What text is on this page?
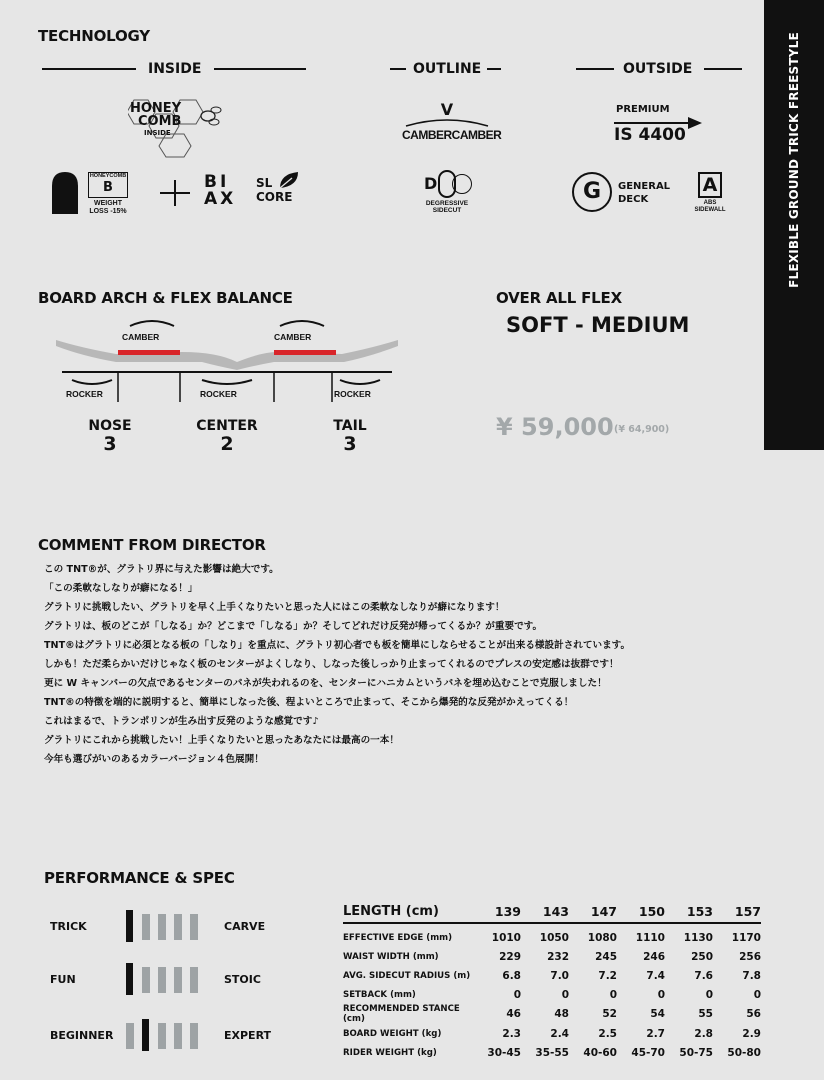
FLEXIBLE GROUND TRICK FREESTYLE
TECHNOLOGY
INSIDE	OUTLINE	OUTSIDE
HONEY
COMB
INSIDE
HONEYCOMB
B
WEIGHT LOSS -15%
BI
AX
SL
CORE
V
CAMBERCAMBER
D
DEGRESSIVE SIDECUT
PREMIUM
IS 4400
G	GENERAL
DECK
A
ABS SIDEWALL
BOARD ARCH & FLEX BALANCE
CAMBER	CAMBER
ROCKER	ROCKER	ROCKER
NOSE
3
CENTER
2
TAIL
3
OVER ALL FLEX
SOFT - MEDIUM
¥ 59,000 (¥ 64,900)
COMMENT FROM DIRECTOR

この TNT®が、グラトリ界に与えた影響は絶大です。

「この柔軟なしなりが癖になる！」

グラトリに挑戦したい、グラトリを早く上手くなりたいと思った人にはこの柔軟なしなりが癖になります！

グラトリは、板のどこが「しなる」か？どこまで「しなる」か？そしてどれだけ反発が帰ってくるか？が重要です。

TNT®はグラトリに必須となる板の「しなり」を重点に、グラトリ初心者でも板を簡単にしならせることが出来る様設計されています。

しかも！ただ柔らかいだけじゃなく板のセンターがよくしなり、しなった後しっかり止まってくれるのでプレスの安定感は抜群です！

更に W キャンバーの欠点であるセンターのパネが失われるのを、センターにハニカムというバネを埋め込むことで克服しました！

TNT®の特徴を端的に説明すると、簡単にしなった後、程よいところで止まって、そこから爆発的な反発がかえってくる！

これはまるで、トランポリンが生み出す反発のような感覚です♪

グラトリにこれから挑戦したい！上手くなりたいと思ったあなたには最高の一本！

今年も選びがいのあるカラーバージョン４色展開！

PERFORMANCE & SPEC
TRICK	CARVE
FUN	STOIC
BEGINNER	EXPERT
LENGTH (cm)	139	143	147	150	153	157
EFFECTIVE EDGE (mm)	1010	1050	1080	1110	1130	1170
WAIST WIDTH (mm)	229	232	245	246	250	256
AVG. SIDECUT RADIUS (m)	6.8	7.0	7.2	7.4	7.6	7.8
SETBACK (mm)	0	0	0	0	0	0
RECOMMENDED STANCE (cm)	46	48	52	54	55	56
BOARD WEIGHT (kg)	2.3	2.4	2.5	2.7	2.8	2.9
RIDER WEIGHT (kg)	30-45	35-55	40-60	45-70	50-75	50-80
